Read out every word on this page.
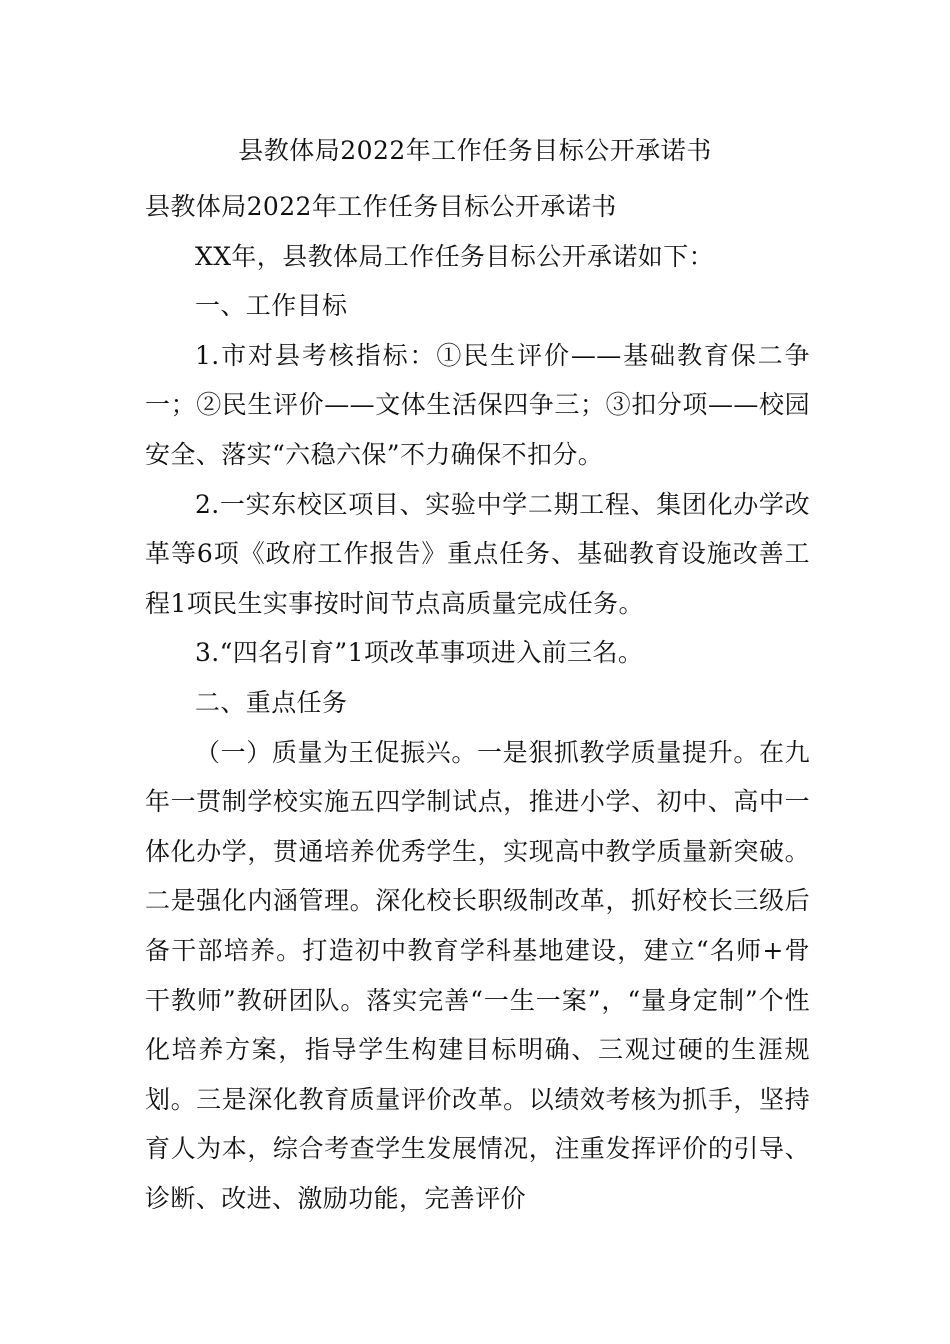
县教体局2022年工作任务目标公开承诺书

县教体局2022年工作任务目标公开承诺书

XX年，县教体局工作任务目标公开承诺如下：

一、工作目标

1.市对县考核指标：①民生评价——基础教育保二争一；②民生评价——文体生活保四争三；③扣分项——校园安全、落实“六稳六保”不力确保不扣分。

2.一实东校区项目、实验中学二期工程、集团化办学改革等6项《政府工作报告》重点任务、基础教育设施改善工程1项民生实事按时间节点高质量完成任务。

3.“四名引育”1项改革事项进入前三名。

二、重点任务

（一）质量为王促振兴。一是狠抓教学质量提升。在九年一贯制学校实施五四学制试点，推进小学、初中、高中一体化办学，贯通培养优秀学生，实现高中教学质量新突破。二是强化内涵管理。深化校长职级制改革，抓好校长三级后备干部培养。打造初中教育学科基地建设，建立“名师+骨干教师”教研团队。落实完善“一生一案”，“量身定制”个性化培养方案，指导学生构建目标明确、三观过硬的生涯规划。三是深化教育质量评价改革。以绩效考核为抓手，坚持育人为本，综合考查学生发展情况，注重发挥评价的引导、诊断、改进、激励功能，完善评价
